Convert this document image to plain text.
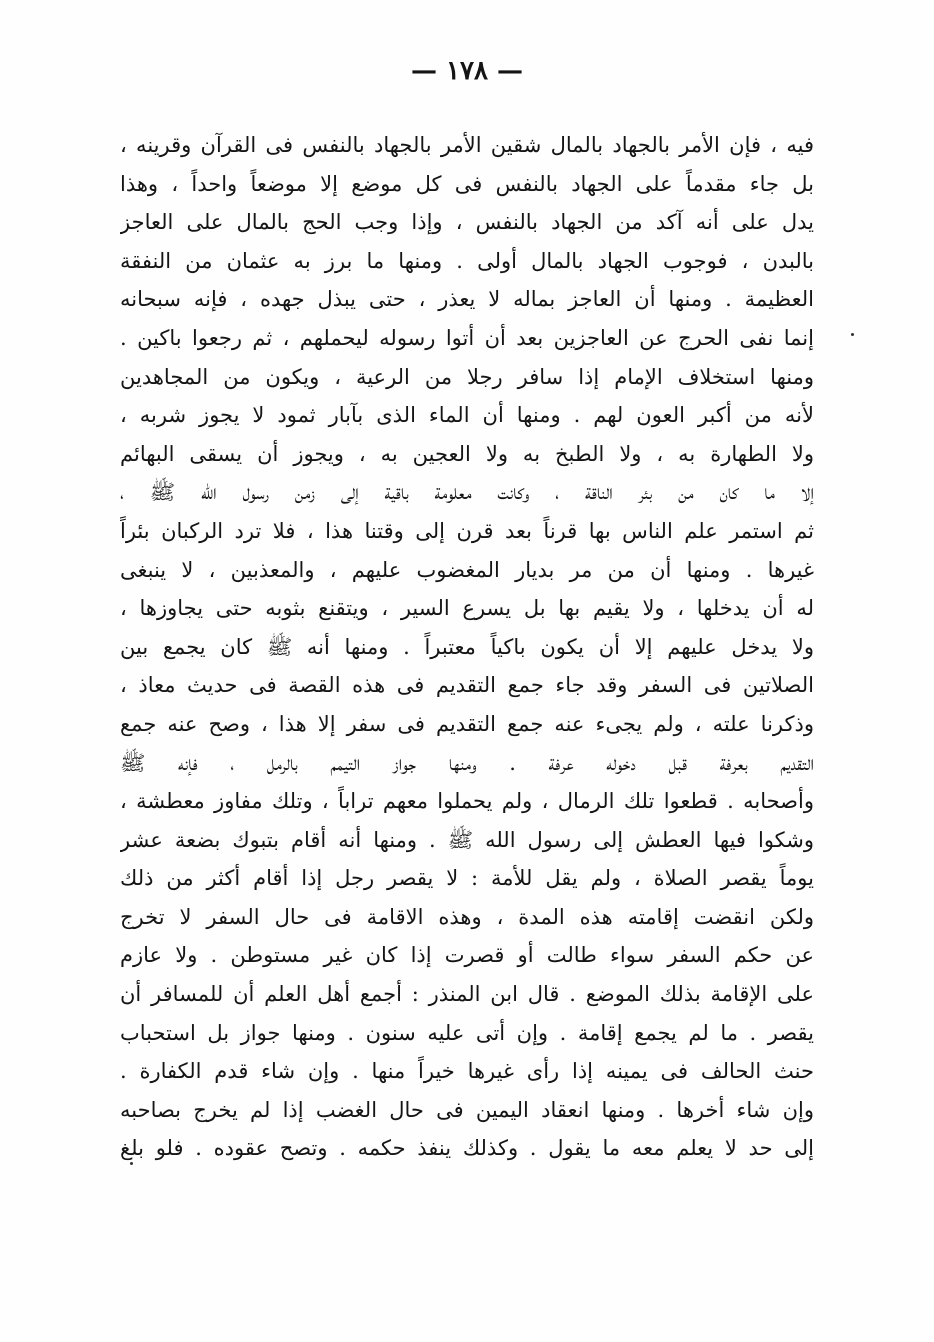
— ١٧٨ —
فيه ، فإن الأمر بالجهاد بالمال شقين الأمر بالجهاد بالنفس فى القرآن وقرينه ،
بل جاء مقدماً على الجهاد بالنفس فى كل موضع إلا موضعاً واحداً ، وهذا
يدل على أنه آكد من الجهاد بالنفس ، وإذا وجب الحج بالمال على العاجز
بالبدن ، فوجوب الجهاد بالمال أولى . ومنها ما برز به عثمان من النفقة
العظيمة . ومنها أن العاجز بماله لا يعذر ، حتى يبذل جهده ، فإنه سبحانه
إنما نفى الحرج عن العاجزين بعد أن أتوا رسوله ليحملهم ، ثم رجعوا باكين .
ومنها استخلاف الإمام إذا سافر رجلا من الرعية ، ويكون من المجاهدين
لأنه من أكبر العون لهم . ومنها أن الماء الذى بآبار ثمود لا يجوز شربه ،
ولا الطهارة به ، ولا الطبخ به ولا العجين به ، ويجوز أن يسقى البهائم
إلا ما كان من بئر الناقة ، وكانت معلومة باقية إلى زمن رسول الله ﷺ ،
ثم استمر علم الناس بها قرناً بعد قرن إلى وقتنا هذا ، فلا ترد الركبان بئراً
غيرها . ومنها أن من مر بديار المغضوب عليهم ، والمعذبين ، لا ينبغى
له أن يدخلها ، ولا يقيم بها بل يسرع السير ، ويتقنع بثوبه حتى يجاوزها ،
ولا يدخل عليهم إلا أن يكون باكياً معتبراً . ومنها أنه ﷺ كان يجمع بين
الصلاتين فى السفر وقد جاء جمع التقديم فى هذه القصة فى حديث معاذ ،
وذكرنا علته ، ولم يجىء عنه جمع التقديم فى سفر إلا هذا ، وصح عنه جمع
التقديم بعرفة قبل دخوله عرفة . ومنها جواز التيمم بالرمل ، فإنه ﷺ
وأصحابه . قطعوا تلك الرمال ، ولم يحملوا معهم تراباً ، وتلك مفاوز معطشة ،
وشكوا فيها العطش إلى رسول الله ﷺ . ومنها أنه أقام بتبوك بضعة عشر
يوماً يقصر الصلاة ، ولم يقل للأمة : لا يقصر رجل إذا أقام أكثر من ذلك
ولكن انقضت إقامته هذه المدة ، وهذه الاقامة فى حال السفر لا تخرج
عن حكم السفر سواء طالت أو قصرت إذا كان غير مستوطن . ولا عازم
على الإقامة بذلك الموضع . قال ابن المنذر : أجمع أهل العلم أن للمسافر أن
يقصر . ما لم يجمع إقامة . وإن أتى عليه سنون . ومنها جواز بل استحباب
حنث الحالف فى يمينه إذا رأى غيرها خيراً منها . وإن شاء قدم الكفارة .
وإن شاء أخرها . ومنها انعقاد اليمين فى حال الغضب إذا لم يخرج بصاحبه
إلى حد لا يعلم معه ما يقول . وكذلك ينفذ حكمه . وتصح عقوده . فلو بلغ
